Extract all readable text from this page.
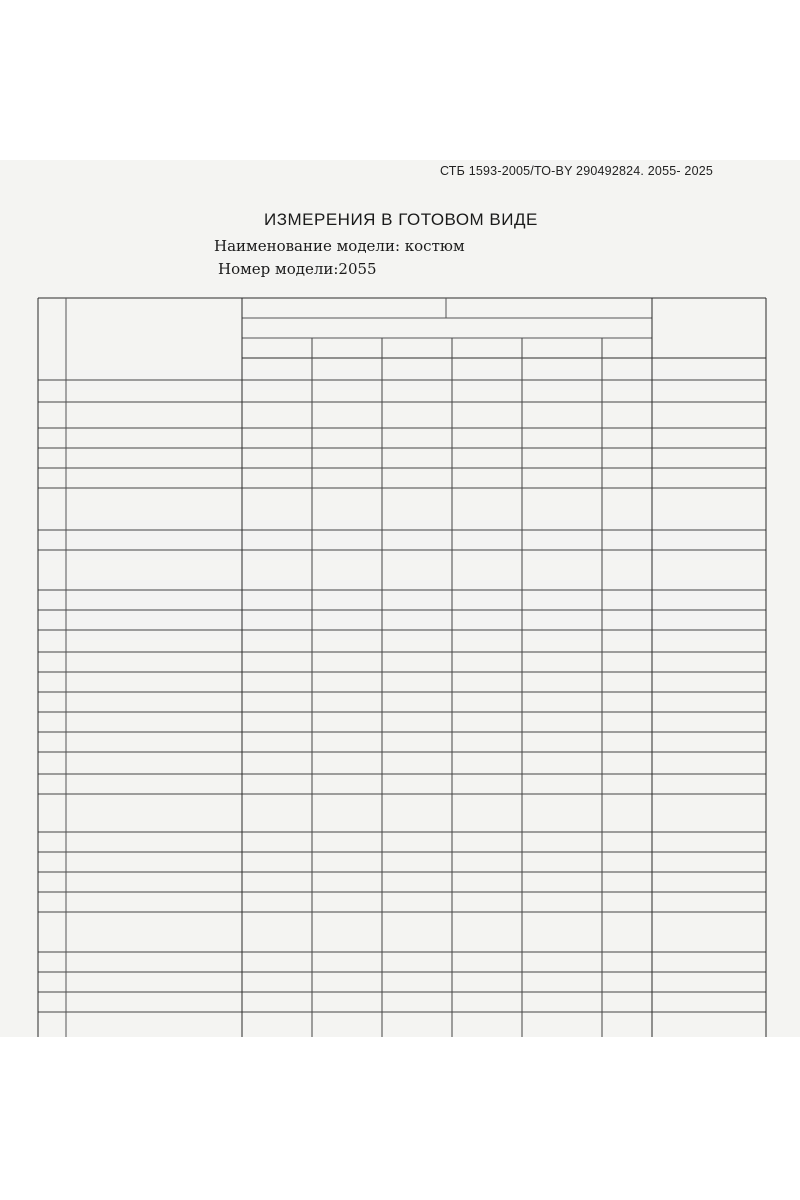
СТБ 1593-2005/ТО-BY 290492824. 2055- 2025
ИЗМЕРЕНИЯ В ГОТОВОМ ВИДЕ
Наименование модели: костюм
Номер модели:2055
